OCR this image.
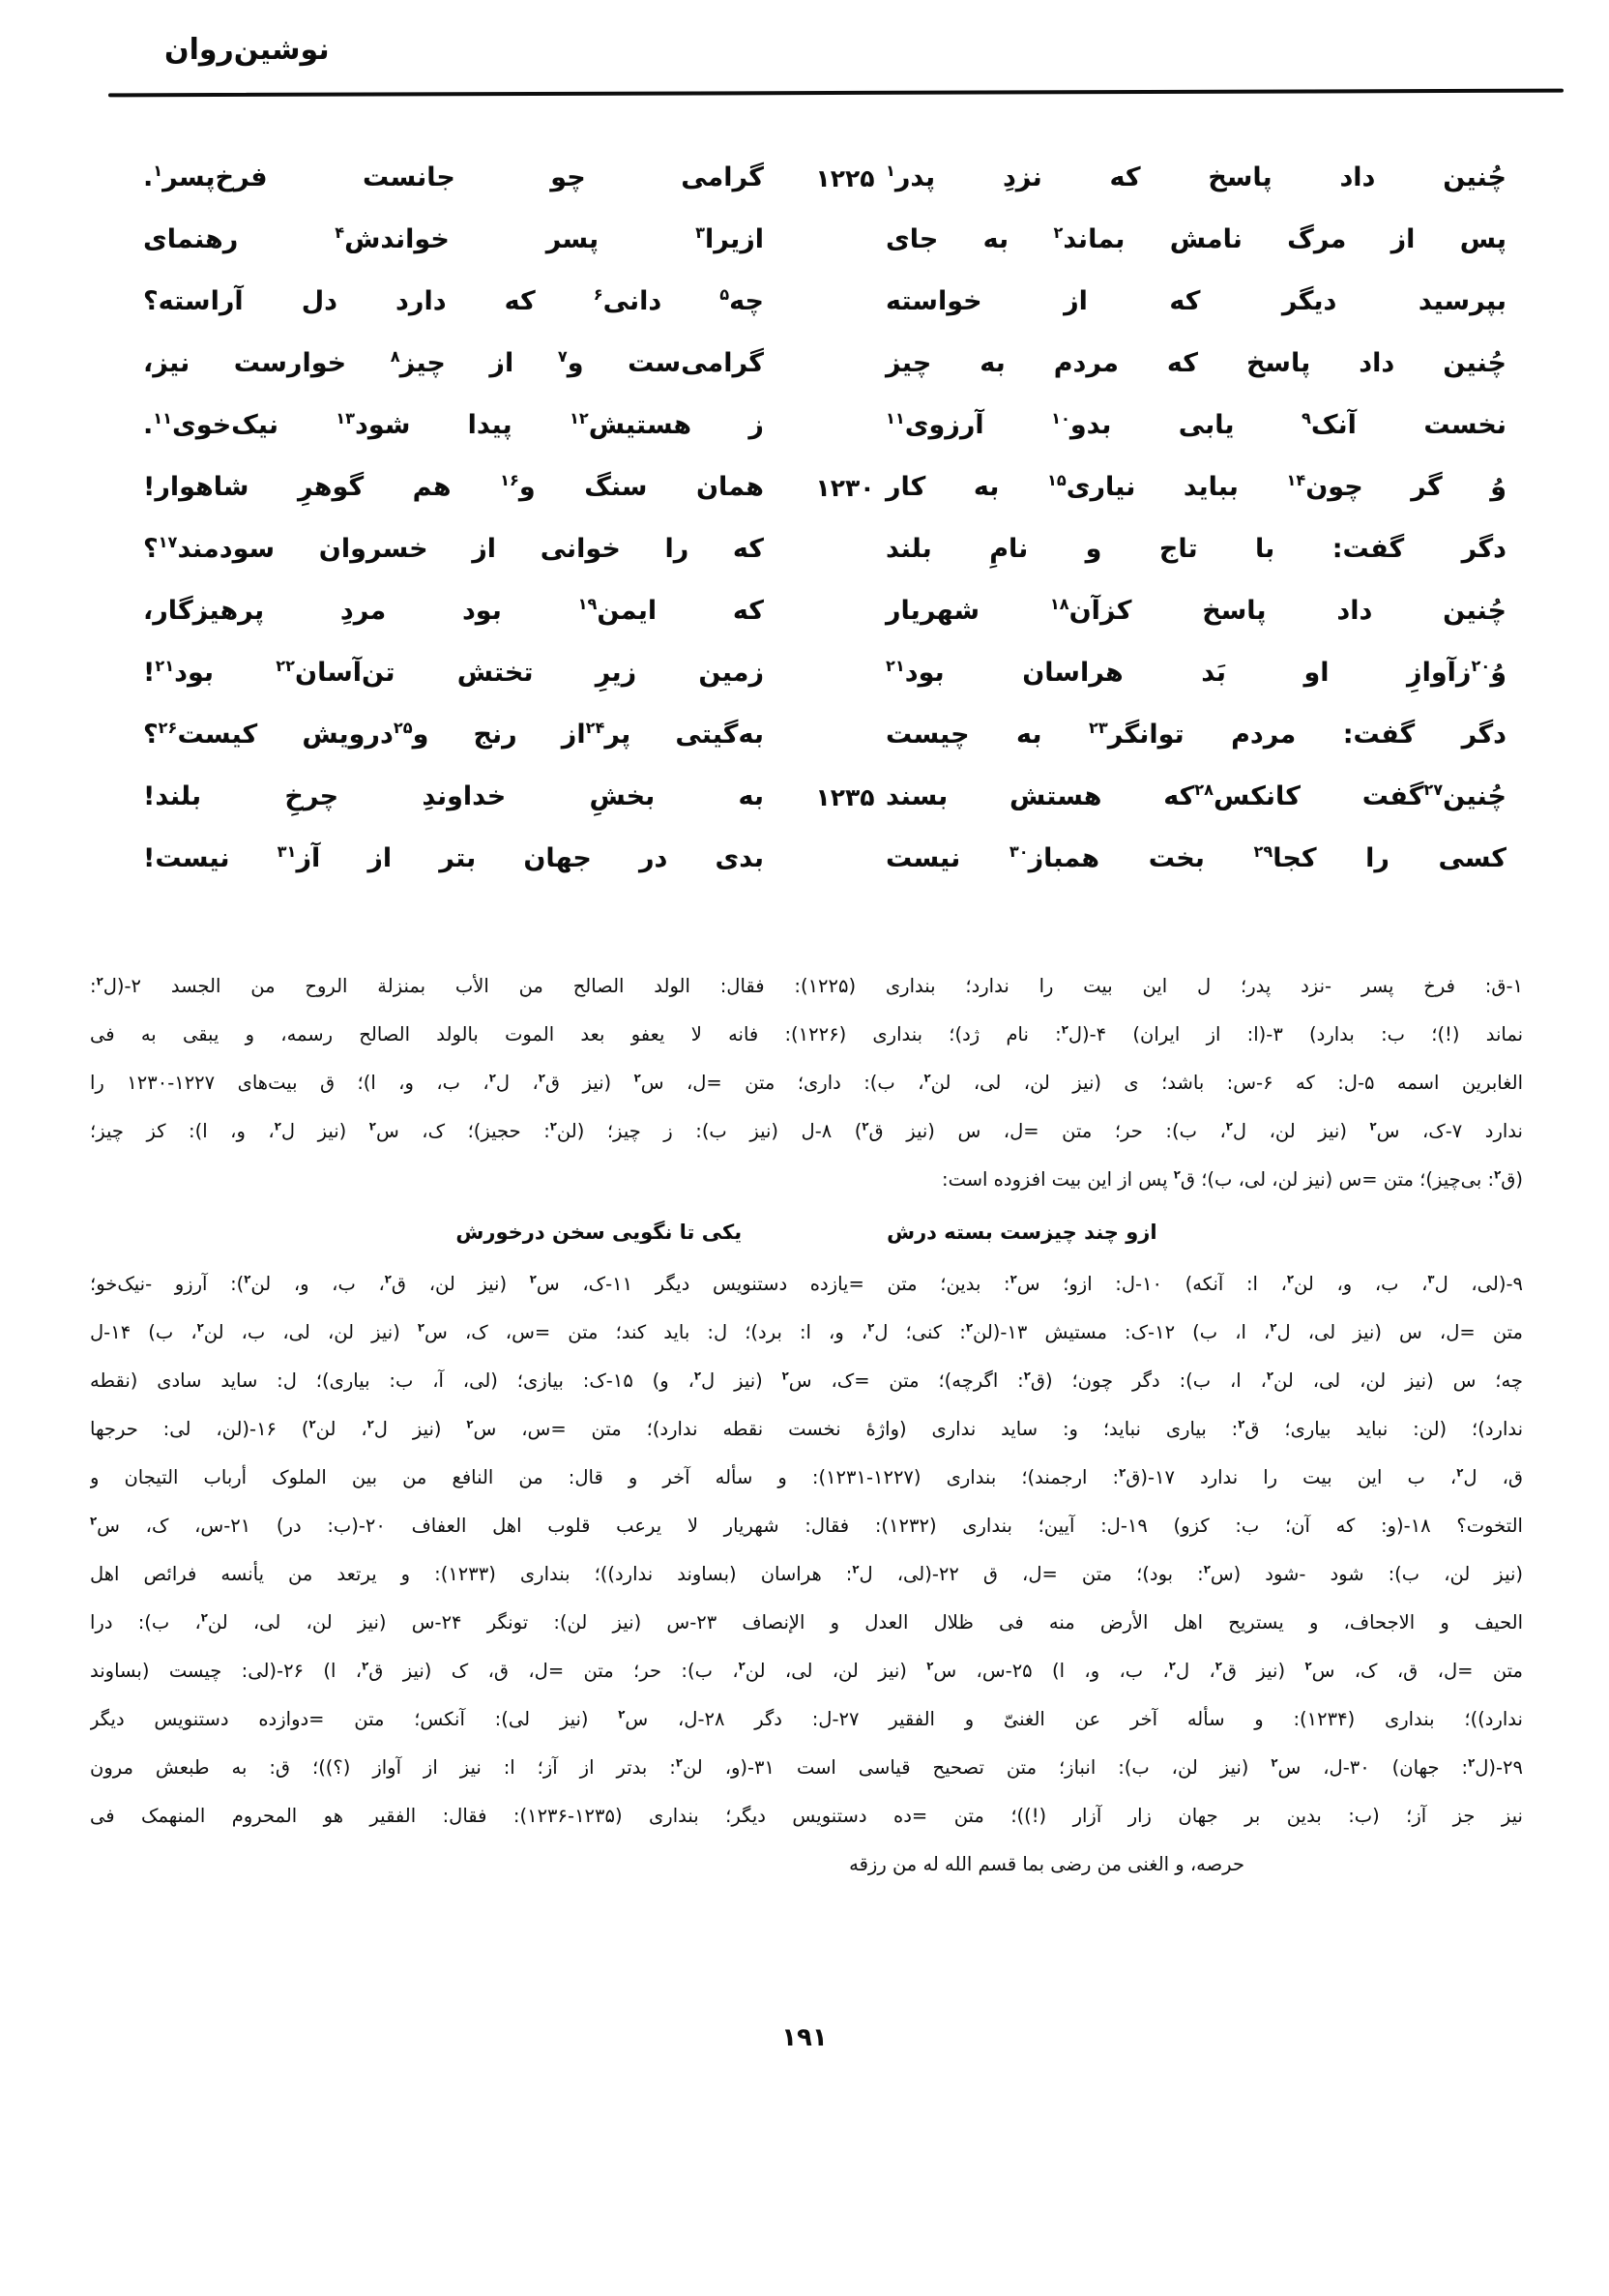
نوشین‌روان
چُنین داد پاسخ که نزدِ پدر$^۱$
۱۲۲۵
گرامی چو جانست فرخ‌پسر$^۱$.
پس از مرگ نامش بماند$^۲$ به جای
ازیرا$^۳$ پسر خواندش$^۴$ رهنمای
بپرسید دیگر که از خواسته
چه$^۵$ دانی$^۶$ که دارد دل آراسته؟
چُنین داد پاسخ که مردم به چیز
گرامی‌ست و$^۷$ از چیز$^۸$ خوارست نیز،
نخست آنک$^۹$ یابی بدو$^{۱۰}$ آرزوی$^{۱۱}$
ز هستیش$^{۱۲}$ پیدا شود$^{۱۳}$ نیک‌خوی$^{۱۱}$.
وُ گر چون$^{۱۴}$ بباید نیاری$^{۱۵}$ به کار
۱۲۳۰
همان سنگ و$^{۱۶}$ هم گوهرِ شاهوار!
دگر گفت: با تاج و نامِ بلند
که را خوانی از خسروان سودمند$^{۱۷}$؟
چُنین داد پاسخ کزآن$^{۱۸}$ شهریار
که ایمن$^{۱۹}$ بود مردِ پرهیزگار،
وُ$^{۲۰}$زآوازِ او بَد هراسان بود$^{۲۱}$
زمین زیرِ تختش تن‌آسان$^{۲۲}$ بود$^{۲۱}$!
دگر گفت: مردم توانگر$^{۲۳}$ به چیست
به‌گیتی پر$^{۲۴}$از رنج و$^{۲۵}$درویش کیست$^{۲۶}$؟
چُنین$^{۲۷}$گفت کانکس$^{۲۸}$که هستش بسند
۱۲۳۵
به بخشِ خداوندِ چرخِ بلند!
کسی را کجا$^{۲۹}$ بخت همباز$^{۳۰}$ نیست
بدی در جهان بتر از آز$^{۳۱}$ نیست!
۱-ق: فرخ پسر -نزد پدر؛ ل این بیت را ندارد؛ بنداری (۱۲۲۵): فقال: الولد الصالح من الأب بمنزلة الروح من الجسد ۲-(ل$^۲$:
نماند (!)؛ ب: بدارد) ۳-(ا: از ایران) ۴-(ل$^۲$: نام ژد)؛ بنداری (۱۲۲۶): فانه لا یعفو بعد الموت بالولد الصالح رسمه، و یبقی به فی
الغابرین اسمه ۵-ل: که ۶-س: باشد؛ ی (نیز لن، لی، لن$^۲$، ب): داری؛ متن =ل، س$^۲$ (نیز ق$^۲$، ل$^۲$، ب، و، ا)؛ ق بیت‌های ۱۲۲۷-۱۲۳۰ را
ندارد ۷-ک، س$^۲$ (نیز لن، ل$^۲$، ب): حر؛ متن =ل، س (نیز ق$^۲$) ۸-ل (نیز ب): ز چیز؛ (لن$^۲$: حجیز)؛ ک، س$^۲$ (نیز ل$^۲$، و، ا): کز چیز؛
(ق$^۲$: بی‌چیز)؛ متن =س (نیز لن، لی، ب)؛ ق$^۲$ پس از این بیت افزوده است:
ازو چند چیزست بسته درش
یکی تا نگویی سخن درخورش
۹-(لی، ل$^۳$، ب، و، لن$^۲$، ا: آنکه) ۱۰-ل: ازو؛ س$^۲$: بدین؛ متن =یازده دستنویس دیگر ۱۱-ک، س$^۲$ (نیز لن، ق$^۲$، ب، و، لن$^۲$): آرزو -نیک‌خو؛
متن =ل، س (نیز لی، ل$^۲$، ا، ب) ۱۲-ک: مستیش ۱۳-(لن$^۲$: کنی؛ ل$^۲$، و، ا: برد)؛ ل: باید کند؛ متن =س، ک، س$^۲$ (نیز لن، لی، ب، لن$^۲$، ب) ۱۴-ل
چه؛ س (نیز لن، لی، لن$^۲$، ا، ب): دگر چون؛ (ق$^۲$: اگرچه)؛ متن =ک، س$^۲$ (نیز ل$^۲$، و) ۱۵-ک: بیازی؛ (لی، آ، ب: بیاری)؛ ل: ساید سادی (نقطه
ندارد)؛ (لن: نباید بیاری؛ ق$^۲$: بیاری نباید؛ و: ساید نداری (واژهٔ نخست نقطه ندارد)؛ متن =س، س$^۲$ (نیز ل$^۲$، لن$^۲$) ۱۶-(لن، لی: حرجها
ق، ل$^۲$، ب این بیت را ندارد ۱۷-(ق$^۲$: ارجمند)؛ بنداری (۱۲۲۷-۱۲۳۱): و سأله آخر و قال: من النافع من بین الملوک أرباب التیجان و
التخوت؟ ۱۸-(و: که آن؛ ب: کزو) ۱۹-ل: آیین؛ بنداری (۱۲۳۲): فقال: شهریار لا یرعب قلوب اهل العفاف ۲۰-(ب: در) ۲۱-س، ک، س$^۲$
(نیز لن، ب): شود -شود (س$^۲$: بود)؛ متن =ل، ق ۲۲-(لی، ل$^۲$: هراسان (بساوند ندارد))؛ بنداری (۱۲۳۳): و یرتعد من یأنسه فرائص اهل
الحیف و الاجحاف، و یستریح اهل الأرض منه فی ظلال العدل و الإنصاف ۲۳-س (نیز لن): تونگر ۲۴-س (نیز لن، لی، لن$^۲$، ب): درا
متن =ل، ق، ک، س$^۲$ (نیز ق$^۲$، ل$^۲$، ب، و، ا) ۲۵-س، س$^۲$ (نیز لن، لی، لن$^۲$، ب): حر؛ متن =ل، ق، ک (نیز ق$^۲$، ا) ۲۶-(لی: چیست (بساوند
ندارد))؛ بنداری (۱۲۳۴): و سأله آخر عن الغنیّ و الفقیر ۲۷-ل: دگر ۲۸-ل، س$^۲$ (نیز لی): آنکس؛ متن =دوازده دستنویس دیگر
۲۹-(ل$^۲$: جهان) ۳۰-ل، س$^۲$ (نیز لن، ب): انباز؛ متن تصحیح قیاسی است ۳۱-(و، لن$^۲$: بدتر از آز؛ ا: نیز از آواز (؟))؛ ق: به طبعش مرون
نیز جز آز؛ (ب: بدین بر جهان زار آزار (!))؛ متن =ده دستنویس دیگر؛ بنداری (۱۲۳۵-۱۲۳۶): فقال: الفقیر هو المحروم المنهمک فی
حرصه، و الغنی من رضی بما قسم الله له من رزقه
۱۹۱
